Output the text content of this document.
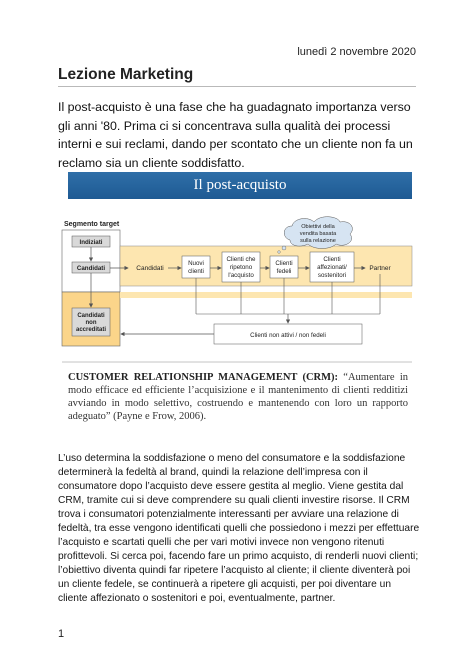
lunedì 2 novembre 2020
Lezione Marketing
Il post-acquisto è una fase che ha guadagnato importanza verso gli anni '80. Prima ci si concentrava sulla qualità dei processi interni e sui reclami, dando per scontato che un cliente non fa un reclamo sia un cliente soddisfatto.
Il post-acquisto
Segmento target
Indiziati
Candidati
Candidati
non
accreditati
Candidati
Nuovi
clienti
Clienti che
ripetono
l'acquisto
Clienti
fedeli
Clienti
affezionati/
sostenitori
Partner
Obiettivi della
vendita basata
sulla relazione
Clienti non attivi / non fedeli
CUSTOMER RELATIONSHIP MANAGEMENT (CRM): “Aumentare in modo efficace ed efficiente l’acquisizione e il mantenimento di clienti redditizi avviando in modo selettivo, costruendo e mantenendo con loro un rapporto adeguato” (Payne e Frow, 2006).
L’uso determina la soddisfazione o meno del consumatore e la soddisfazione determinerà la fedeltà al brand, quindi la relazione dell’impresa con il consumatore dopo l’acquisto deve essere gestita al meglio. Viene gestita dal CRM, tramite cui si deve comprendere su quali clienti investire risorse. Il CRM trova i consumatori potenzialmente interessanti per avviare una relazione di fedeltà, tra esse vengono identificati quelli che possiedono i mezzi per effettuare l’acquisto e scartati quelli che per vari motivi invece non vengono ritenuti profittevoli. Si cerca poi, facendo fare un primo acquisto, di renderli nuovi clienti; l’obiettivo diventa quindi far ripetere l’acquisto al cliente; il cliente diventerà poi un cliente fedele, se continuerà a ripetere gli acquisti, per poi diventare un cliente affezionato o sostenitori e poi, eventualmente, partner.
1
